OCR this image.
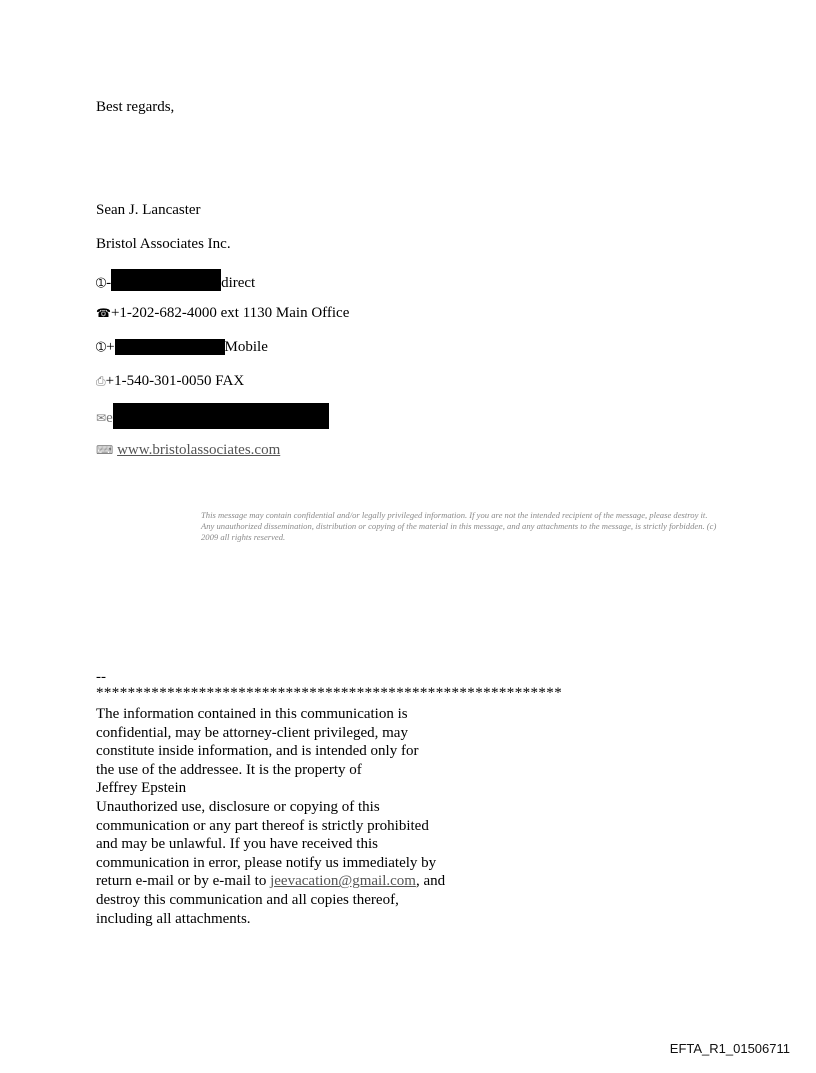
Best regards,
Sean J. Lancaster
Bristol Associates Inc.
➀-	direct
☎+1-202-682-4000 ext 1130 Main Office
➀+	Mobile
⎙+1-540-301-0050 FAX
✉e
⌨ www.bristolassociates.com
This message may contain confidential and/or legally privileged information. If you are not the intended recipient of the message, please destroy it. Any unauthorized dissemination, distribution or copying of the material in this message, and any attachments to the message, is strictly forbidden. (c) 2009 all rights reserved.
--
***********************************************************
The information contained in this communication is
confidential, may be attorney-client privileged, may
constitute inside information, and is intended only for
the use of the addressee. It is the property of
Jeffrey Epstein
Unauthorized use, disclosure or copying of this
communication or any part thereof is strictly prohibited
and may be unlawful. If you have received this
communication in error, please notify us immediately by
return e-mail or by e-mail to jeevacation@gmail.com, and
destroy this communication and all copies thereof,
including all attachments.
EFTA_R1_01506711
